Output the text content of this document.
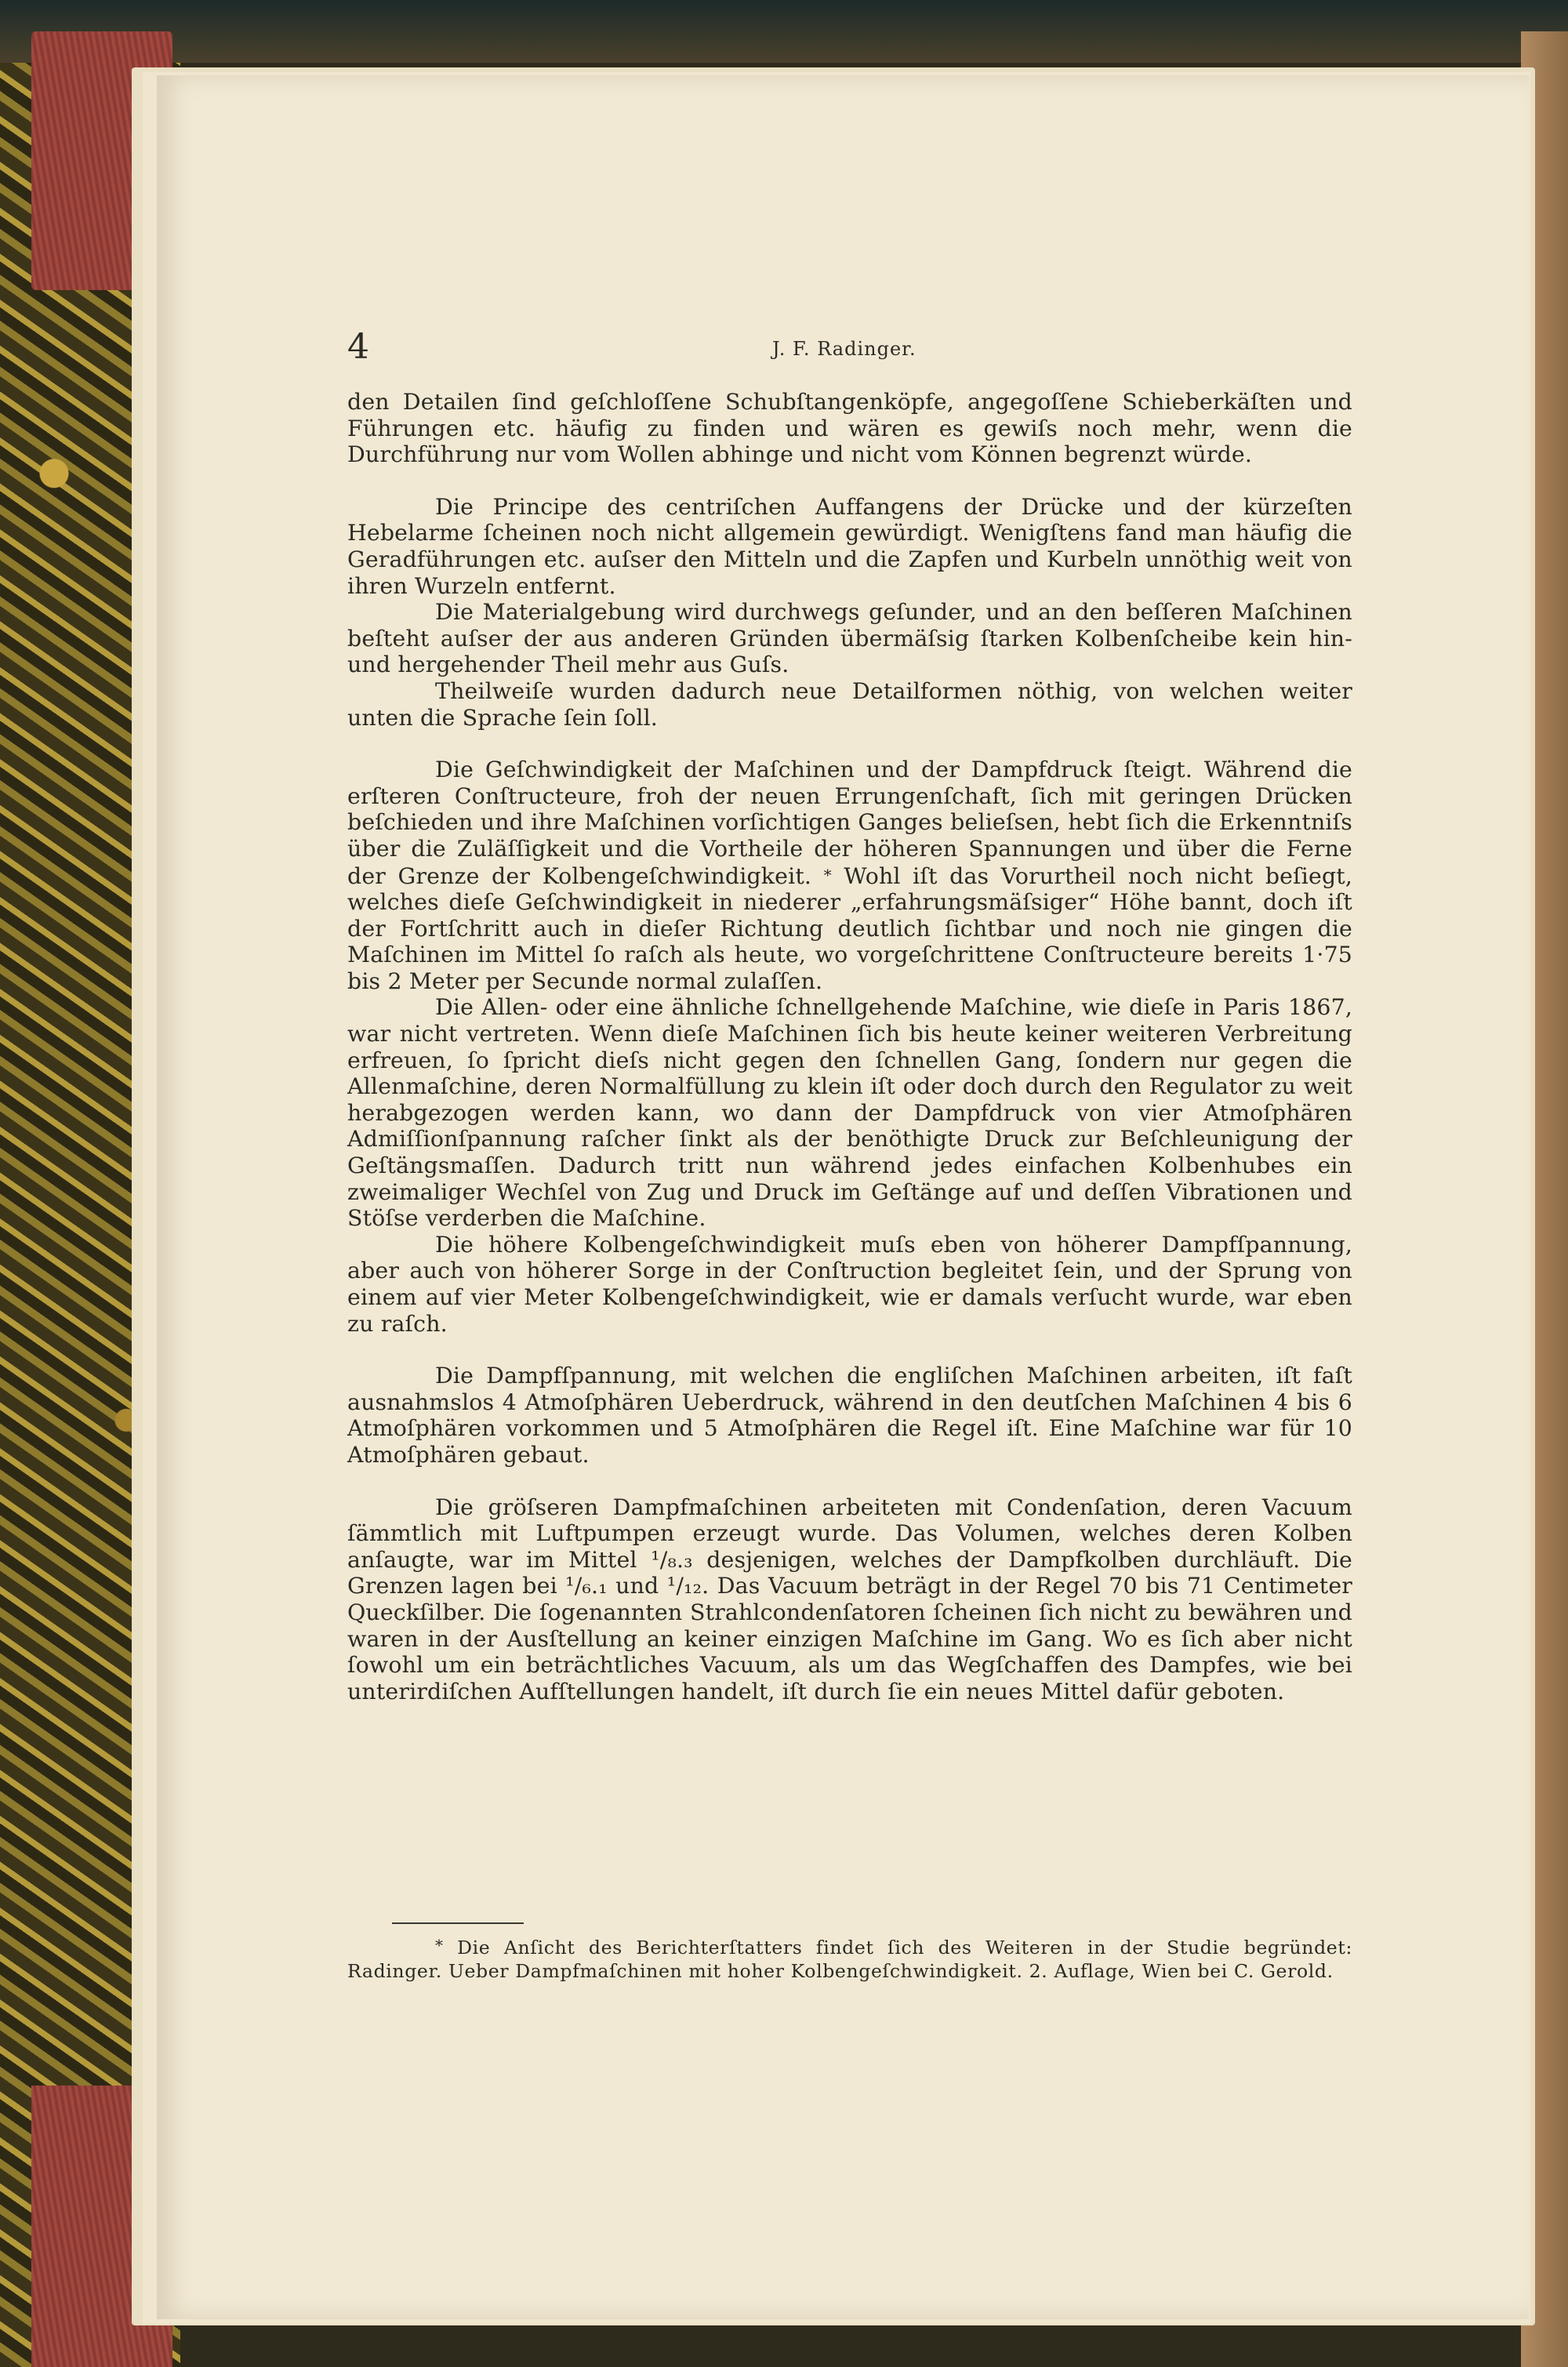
4	J. F. Radinger.

den Detailen ſind geſchloſſene Schubſtangenköpfe, angegoſſene Schieberkäſten und Führungen etc. häufig zu finden und wären es gewiſs noch mehr, wenn die Durchführung nur vom Wollen abhinge und nicht vom Können begrenzt würde.

Die Principe des centriſchen Auffangens der Drücke und der kürzeſten Hebelarme ſcheinen noch nicht allgemein gewürdigt. Wenigſtens fand man häufig die Geradführungen etc. auſser den Mitteln und die Zapfen und Kurbeln unnöthig weit von ihren Wurzeln entfernt.

Die Materialgebung wird durchwegs geſunder, und an den beſſeren Maſchinen beſteht auſser der aus anderen Gründen übermäſsig ſtarken Kolbenſcheibe kein hin- und hergehender Theil mehr aus Guſs.

Theilweiſe wurden dadurch neue Detailformen nöthig, von welchen weiter unten die Sprache ſein ſoll.

Die Geſchwindigkeit der Maſchinen und der Dampfdruck ſteigt. Während die erſteren Conſtructeure, froh der neuen Errungenſchaft, ſich mit geringen Drücken beſchieden und ihre Maſchinen vorſichtigen Ganges belieſsen, hebt ſich die Erkenntniſs über die Zuläſſigkeit und die Vortheile der höheren Spannungen und über die Ferne der Grenze der Kolbengeſchwindigkeit. * Wohl iſt das Vorurtheil noch nicht beſiegt, welches dieſe Geſchwindigkeit in niederer „erfahrungsmäſsiger“ Höhe bannt, doch iſt der Fortſchritt auch in dieſer Richtung deutlich ſichtbar und noch nie gingen die Maſchinen im Mittel ſo raſch als heute, wo vorgeſchrittene Conſtructeure bereits 1·75 bis 2 Meter per Secunde normal zulaſſen.

Die Allen- oder eine ähnliche ſchnellgehende Maſchine, wie dieſe in Paris 1867, war nicht vertreten. Wenn dieſe Maſchinen ſich bis heute keiner weiteren Verbreitung erfreuen, ſo ſpricht dieſs nicht gegen den ſchnellen Gang, ſondern nur gegen die Allenmaſchine, deren Normalfüllung zu klein iſt oder doch durch den Regulator zu weit herabgezogen werden kann, wo dann der Dampfdruck von vier Atmoſphären Admiſſionſpannung raſcher ſinkt als der benöthigte Druck zur Beſchleunigung der Geſtängsmaſſen. Dadurch tritt nun während jedes einfachen Kolbenhubes ein zweimaliger Wechſel von Zug und Druck im Geſtänge auf und deſſen Vibrationen und Stöſse verderben die Maſchine.

Die höhere Kolbengeſchwindigkeit muſs eben von höherer Dampfſpannung, aber auch von höherer Sorge in der Conſtruction begleitet ſein, und der Sprung von einem auf vier Meter Kolbengeſchwindigkeit, wie er damals verſucht wurde, war eben zu raſch.

Die Dampfſpannung, mit welchen die engliſchen Maſchinen arbeiten, iſt faſt ausnahmslos 4 Atmoſphären Ueberdruck, während in den deutſchen Maſchinen 4 bis 6 Atmoſphären vorkommen und 5 Atmoſphären die Regel iſt. Eine Maſchine war für 10 Atmoſphären gebaut.

Die gröſseren Dampfmaſchinen arbeiteten mit Condenſation, deren Vacuum ſämmtlich mit Luftpumpen erzeugt wurde. Das Volumen, welches deren Kolben anſaugte, war im Mittel ¹/₈.₃ desjenigen, welches der Dampfkolben durchläuft. Die Grenzen lagen bei ¹/₆.₁ und ¹/₁₂. Das Vacuum beträgt in der Regel 70 bis 71 Centimeter Queckſilber. Die ſogenannten Strahlcondenſatoren ſcheinen ſich nicht zu bewähren und waren in der Ausſtellung an keiner einzigen Maſchine im Gang. Wo es ſich aber nicht ſowohl um ein beträchtliches Vacuum, als um das Wegſchaffen des Dampfes, wie bei unterirdiſchen Aufſtellungen handelt, iſt durch ſie ein neues Mittel dafür geboten.

* Die Anſicht des Berichterſtatters findet ſich des Weiteren in der Studie begründet: Radinger. Ueber Dampfmaſchinen mit hoher Kolbengeſchwindigkeit. 2. Auflage, Wien bei C. Gerold.
